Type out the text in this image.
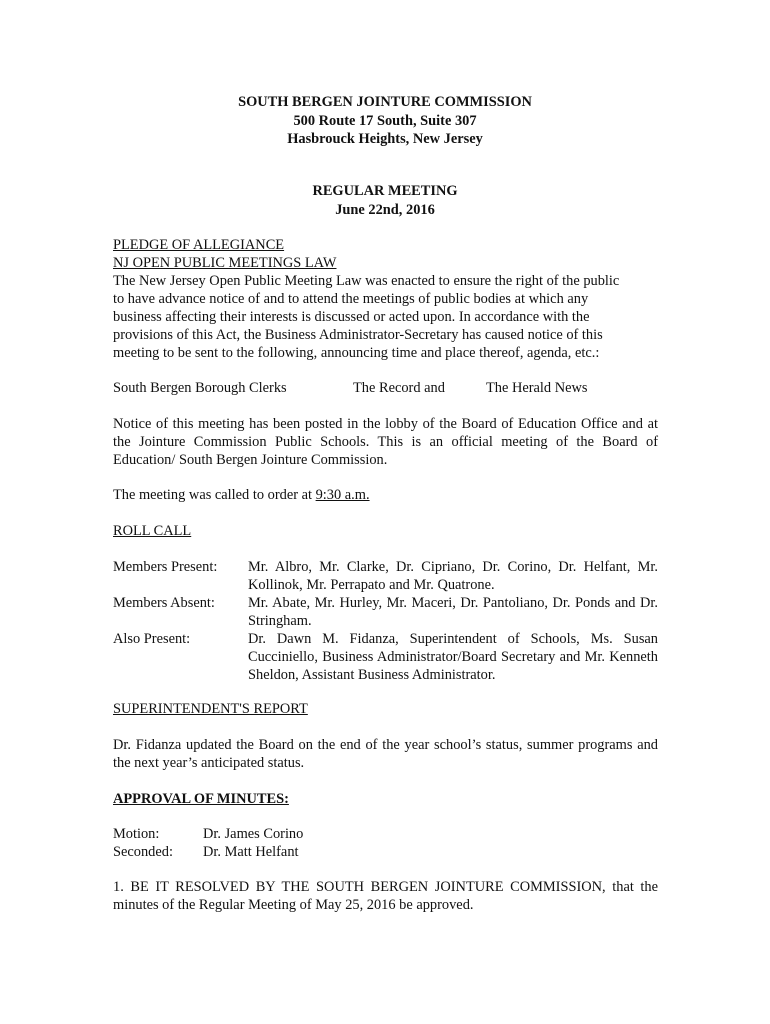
SOUTH BERGEN JOINTURE COMMISSION
500 Route 17 South, Suite 307
Hasbrouck Heights, New Jersey
REGULAR MEETING
June 22nd, 2016
PLEDGE OF ALLEGIANCE
NJ OPEN PUBLIC MEETINGS LAW
The New Jersey Open Public Meeting Law was enacted to ensure the right of the public
to have advance notice of and to attend the meetings of public bodies at which any
business affecting their interests is discussed or acted upon. In accordance with the
provisions of this Act, the Business Administrator-Secretary has caused notice of this
meeting to be sent to the following, announcing time and place thereof, agenda, etc.:
South Bergen Borough Clerks	The Record and	The Herald News
Notice of this meeting has been posted in the lobby of the Board of Education Office and at the Jointure Commission Public Schools. This is an official meeting of the Board of Education/ South Bergen Jointure Commission.
The meeting was called to order at 9:30 a.m.
ROLL CALL
Members Present: Mr. Albro, Mr. Clarke, Dr. Cipriano, Dr. Corino, Dr. Helfant, Mr. Kollinok, Mr. Perrapato and Mr. Quatrone.
Members Absent: Mr. Abate, Mr. Hurley, Mr. Maceri, Dr. Pantoliano, Dr. Ponds and Dr. Stringham.
Also Present:	Dr. Dawn M. Fidanza, Superintendent of Schools, Ms. Susan Cucciniello, Business Administrator/Board Secretary and Mr. Kenneth Sheldon, Assistant Business Administrator.
SUPERINTENDENT'S REPORT
Dr. Fidanza updated the Board on the end of the year school’s status, summer programs and the next year’s anticipated status.
APPROVAL OF MINUTES:
Motion:	Dr. James Corino
Seconded: Dr. Matt Helfant
1. BE IT RESOLVED BY THE SOUTH BERGEN JOINTURE COMMISSION, that the minutes of the Regular Meeting of May 25, 2016 be approved.
